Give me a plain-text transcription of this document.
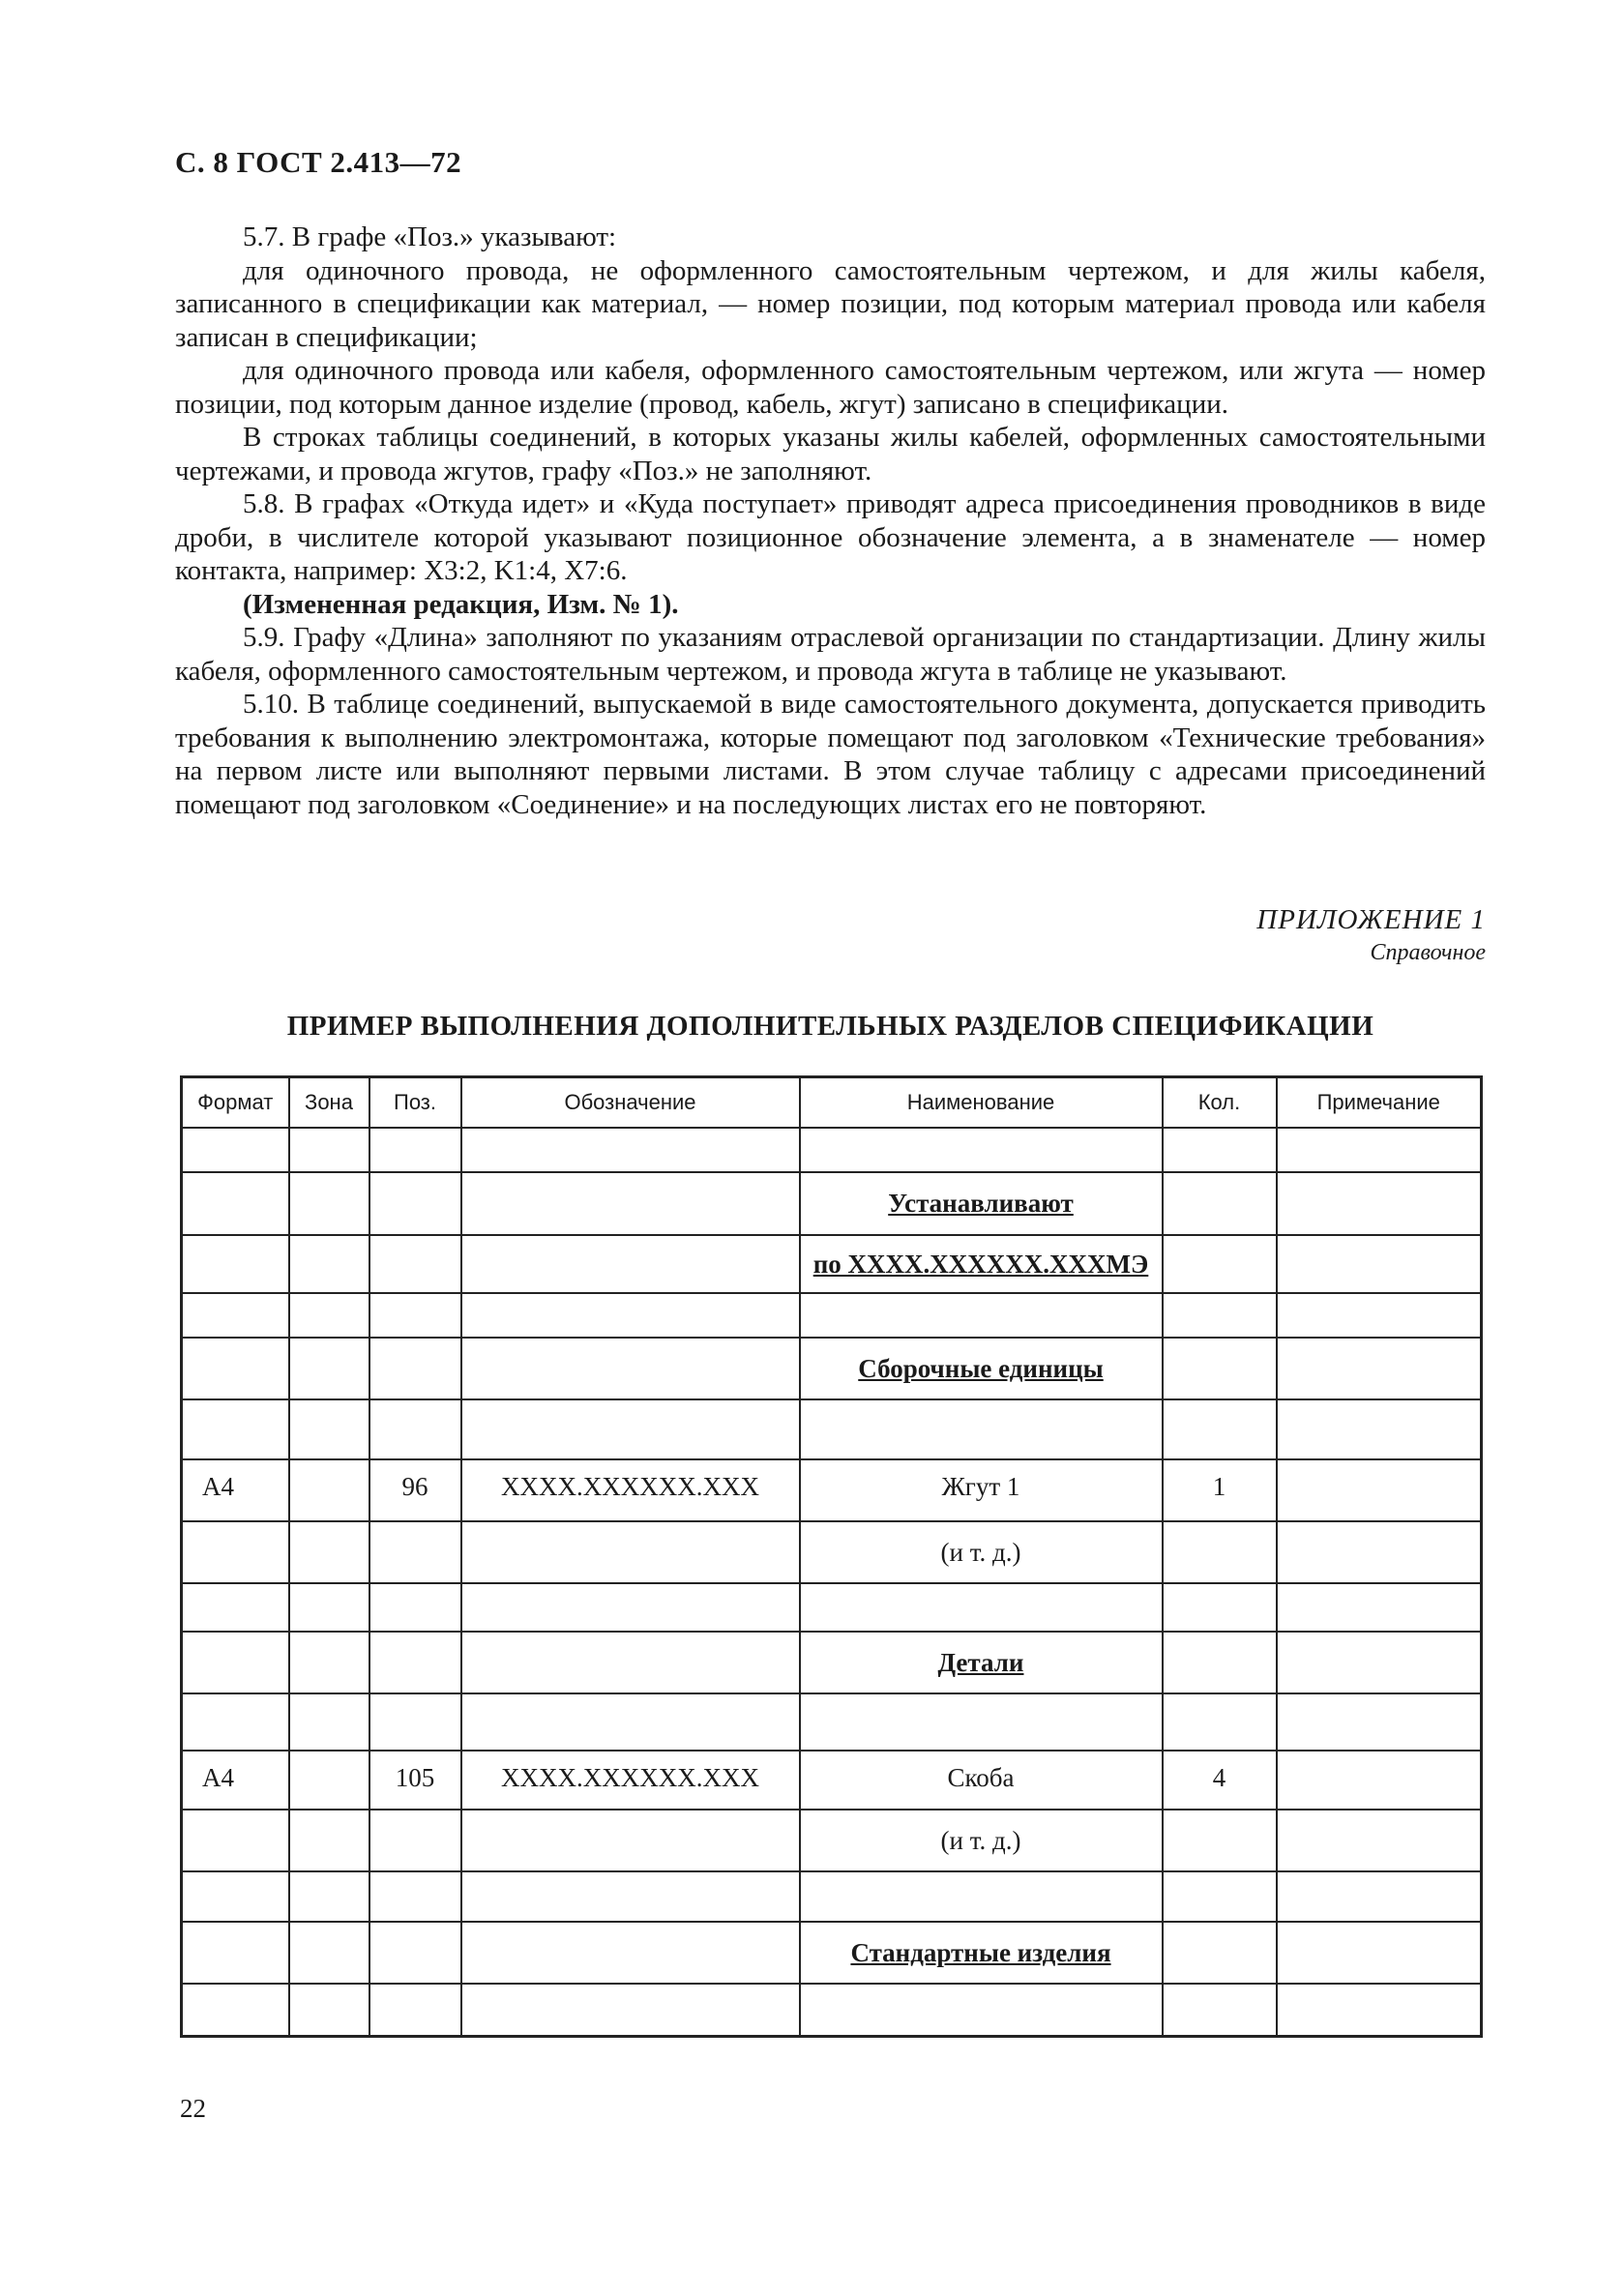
С. 8 ГОСТ 2.413—72

5.7. В графе «Поз.» указывают:

для одиночного провода, не оформленного самостоятельным чертежом, и для жилы кабеля, записанного в спецификации как материал, — номер позиции, под которым материал провода или кабеля записан в спецификации;

для одиночного провода или кабеля, оформленного самостоятельным чертежом, или жгута — номер позиции, под которым данное изделие (провод, кабель, жгут) записано в спецификации.

В строках таблицы соединений, в которых указаны жилы кабелей, оформленных самостоятельными чертежами, и провода жгутов, графу «Поз.» не заполняют.

5.8. В графах «Откуда идет» и «Куда поступает» приводят адреса присоединения проводников в виде дроби, в числителе которой указывают позиционное обозначение элемента, а в знаменателе — номер контакта, например: X3:2, K1:4, X7:6.

(Измененная редакция, Изм. № 1).

5.9. Графу «Длина» заполняют по указаниям отраслевой организации по стандартизации. Длину жилы кабеля, оформленного самостоятельным чертежом, и провода жгута в таблице не указывают.

5.10. В таблице соединений, выпускаемой в виде самостоятельного документа, допускается приводить требования к выполнению электромонтажа, которые помещают под заголовком «Технические требования» на первом листе или выполняют первыми листами. В этом случае таблицу с адресами присоединений помещают под заголовком «Соединение» и на последующих листах его не повторяют.

ПРИЛОЖЕНИЕ 1
Справочное
ПРИМЕР ВЫПОЛНЕНИЯ ДОПОЛНИТЕЛЬНЫХ РАЗДЕЛОВ СПЕЦИФИКАЦИИ
Формат	Зона	Поз.	Обозначение	Наименование	Кол.	Примечание

				Устанавливают		
				по XXXX.XXXXXX.XXXМЭ		

				Сборочные единицы		

А4		96	XXXX.XXXXXX.XXX	Жгут 1	1	
				(и т. д.)		

				Детали		

А4		105	XXXX.XXXXXX.XXX	Скоба	4	
				(и т. д.)		

				Стандартные изделия		

22
